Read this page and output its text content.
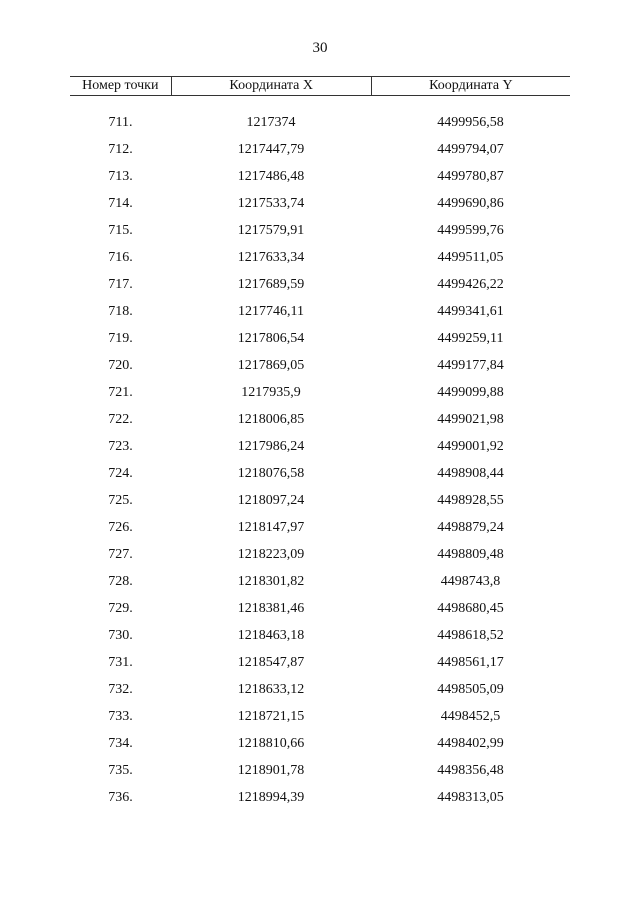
30
Номер точки	Координата X	Координата Y
711.	1217374	4499956,58
712.	1217447,79	4499794,07
713.	1217486,48	4499780,87
714.	1217533,74	4499690,86
715.	1217579,91	4499599,76
716.	1217633,34	4499511,05
717.	1217689,59	4499426,22
718.	1217746,11	4499341,61
719.	1217806,54	4499259,11
720.	1217869,05	4499177,84
721.	1217935,9	4499099,88
722.	1218006,85	4499021,98
723.	1217986,24	4499001,92
724.	1218076,58	4498908,44
725.	1218097,24	4498928,55
726.	1218147,97	4498879,24
727.	1218223,09	4498809,48
728.	1218301,82	4498743,8
729.	1218381,46	4498680,45
730.	1218463,18	4498618,52
731.	1218547,87	4498561,17
732.	1218633,12	4498505,09
733.	1218721,15	4498452,5
734.	1218810,66	4498402,99
735.	1218901,78	4498356,48
736.	1218994,39	4498313,05
